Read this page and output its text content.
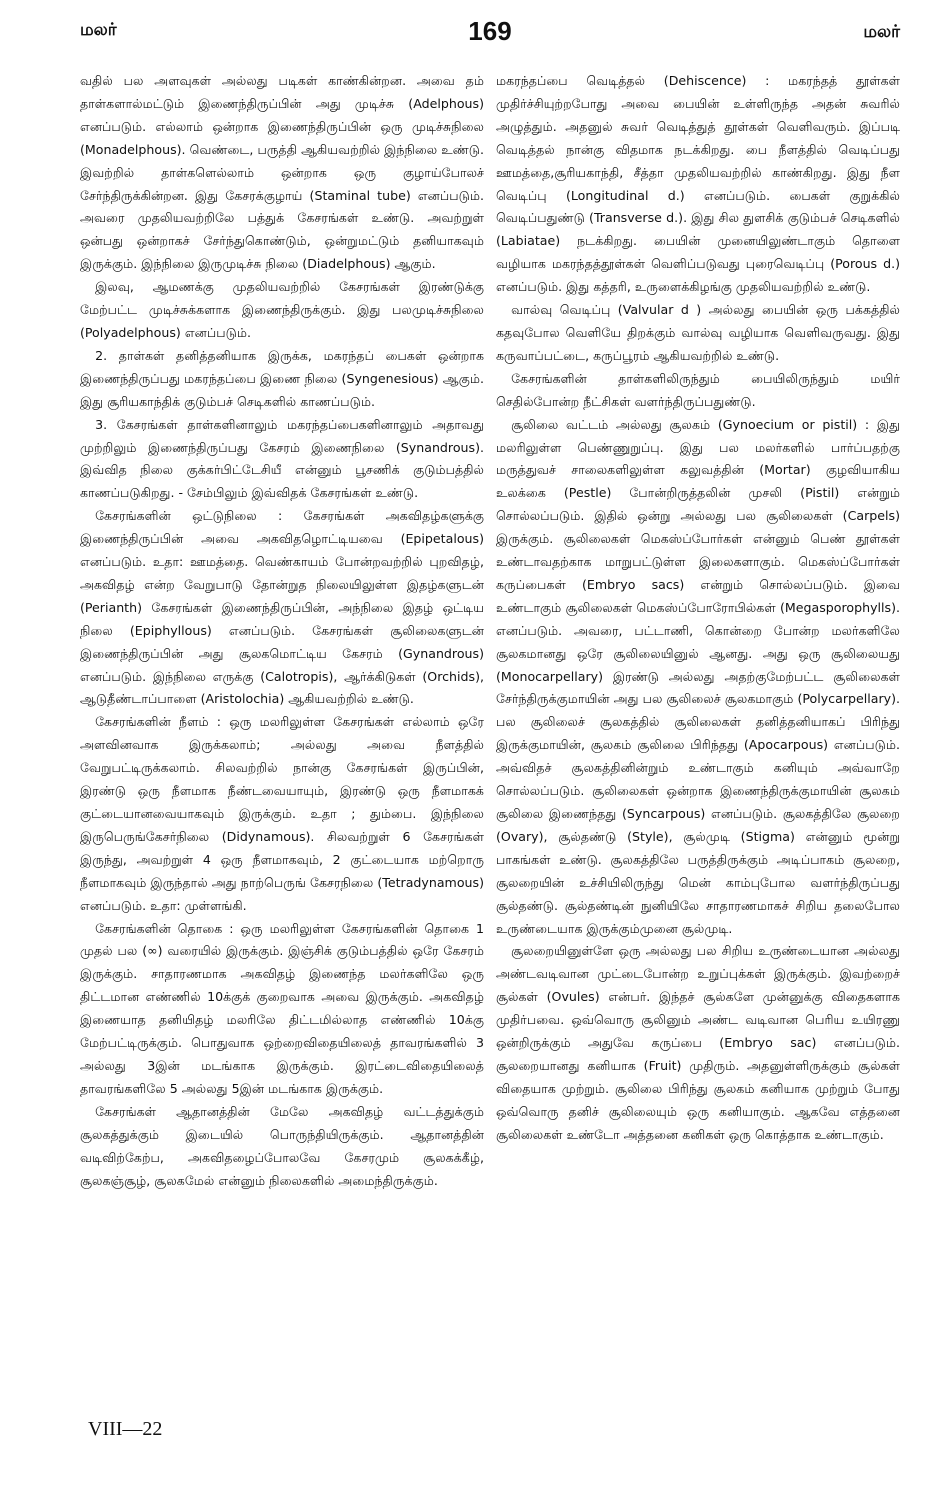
மலர்	169	மலர்

வதில் பல அளவுகள் அல்லது படிகள் காண்கின்றன. அவை தம் தாள்களால்மட்டும் இணைந்திருப்பின் அது முடிச்சு (Adelphous) எனப்படும். எல்லாம் ஒன்றாக இணைந்திருப்பின் ஒரு முடிச்சுநிலை (Monadelphous). வெண்டை, பருத்தி ஆகியவற்றில் இந்நிலை உண்டு. இவற்றில் தாள்களெல்லாம் ஒன்றாக ஒரு குழாய்போலச் சேர்ந்திருக்கின்றன. இது கேசரக்குழாய் (Staminal tube) எனப்படும். அவரை முதலியவற்றிலே பத்துக் கேசரங்கள் உண்டு. அவற்றுள் ஒன்பது ஒன்றாகச் சேர்ந்துகொண்டும், ஒன்றுமட்டும் தனியாகவும் இருக்கும். இந்நிலை இருமுடிச்சு நிலை (Diadelphous) ஆகும்.

இலவு, ஆமணக்கு முதலியவற்றில் கேசரங்கள் இரண்டுக்கு மேற்பட்ட முடிச்சுக்களாக இணைந்திருக்கும். இது பலமுடிச்சுநிலை (Polyadelphous) எனப்படும்.

2. தாள்கள் தனித்தனியாக இருக்க, மகரந்தப் பைகள் ஒன்றாக இணைந்திருப்பது மகரந்தப்பை இணை நிலை (Syngenesious) ஆகும். இது சூரியகாந்திக் குடும்பச் செடிகளில் காணப்படும்.

3. கேசரங்கள் தாள்களினாலும் மகரந்தப்பைகளினாலும் அதாவது முற்றிலும் இணைந்திருப்பது கேசரம் இணைநிலை (Synandrous). இவ்வித நிலை குக்கர்பிட்டேசியீ என்னும் பூசணிக் குடும்பத்தில் காணப்படுகிறது. - சேம்பிலும் இவ்விதக் கேசரங்கள் உண்டு.

கேசரங்களின் ஒட்டுநிலை : கேசரங்கள் அகவிதழ்களுக்கு இணைந்திருப்பின் அவை அகவிதழொட்டியவை (Epipetalous) எனப்படும். உதா: ஊமத்தை. வெண்காயம் போன்றவற்றில் புறவிதழ், அகவிதழ் என்ற வேறுபாடு தோன்றுத நிலையிலுள்ள இதழ்களுடன் (Perianth) கேசரங்கள் இணைந்திருப்பின், அந்நிலை இதழ் ஒட்டிய நிலை (Epiphyllous) எனப்படும். கேசரங்கள் சூலிலைகளுடன் இணைந்திருப்பின் அது சூலகமொட்டிய கேசரம் (Gynandrous) எனப்படும். இந்நிலை எருக்கு (Calotropis), ஆர்க்கிடுகள் (Orchids), ஆடுதீண்டாப்பாளை (Aristolochia) ஆகியவற்றில் உண்டு.

கேசரங்களின் நீளம் : ஒரு மலரிலுள்ள கேசரங்கள் எல்லாம் ஒரே அளவினவாக இருக்கலாம்; அல்லது அவை நீளத்தில் வேறுபட்டிருக்கலாம். சிலவற்றில் நான்கு கேசரங்கள் இருப்பின், இரண்டு ஒரு நீளமாக நீண்டவையாயும், இரண்டு ஒரு நீளமாகக் குட்டையானவையாகவும் இருக்கும். உதா ; தும்பை. இந்நிலை இருபெருங்கேசர்நிலை (Didynamous). சிலவற்றுள் 6 கேசரங்கள் இருந்து, அவற்றுள் 4 ஒரு நீளமாகவும், 2 குட்டையாக மற்றொரு நீளமாகவும் இருந்தால் அது நாற்பெருங் கேசரநிலை (Tetradynamous) எனப்படும். உதா: முள்ளங்கி.

கேசரங்களின் தொகை : ஒரு மலரிலுள்ள கேசரங்களின் தொகை 1 முதல் பல (∞) வரையில் இருக்கும். இஞ்சிக் குடும்பத்தில் ஒரே கேசரம் இருக்கும். சாதாரணமாக அகவிதழ் இணைந்த மலர்களிலே ஒரு திட்டமான எண்ணில் 10க்குக் குறைவாக அவை இருக்கும். அகவிதழ் இணையாத தனியிதழ் மலரிலே திட்டமில்லாத எண்ணில் 10க்கு மேற்பட்டிருக்கும். பொதுவாக ஒற்றைவிதையிலைத் தாவரங்களில் 3 அல்லது 3இன் மடங்காக இருக்கும். இரட்டைவிதையிலைத் தாவரங்களிலே 5 அல்லது 5இன் மடங்காக இருக்கும்.

கேசரங்கள் ஆதானத்தின் மேலே அகவிதழ் வட்டத்துக்கும் சூலகத்துக்கும் இடையில் பொருந்தியிருக்கும். ஆதானத்தின் வடிவிற்கேற்ப, அகவிதழைப்போலவே கேசரமும் சூலகக்கீழ், சூலகஞ்சூழ், சூலகமேல் என்னும் நிலைகளில் அமைந்திருக்கும்.

மகரந்தப்பை வெடித்தல் (Dehiscence) : மகரந்தத் தூள்கள் முதிர்ச்சியுற்றபோது அவை பையின் உள்ளிருந்த அதன் சுவரில் அழுத்தும். அதனுல் சுவர் வெடித்துத் தூள்கள் வெளிவரும். இப்படி வெடித்தல் நான்கு விதமாக நடக்கிறது. பை நீளத்தில் வெடிப்பது ஊமத்தை,சூரியகாந்தி, சீத்தா முதலியவற்றில் காண்கிறது. இது நீள வெடிப்பு (Longitudinal d.) எனப்படும். பைகள் குறுக்கில் வெடிப்பதுண்டு (Transverse d.). இது சில துளசிக் குடும்பச் செடிகளில் (Labiatae) நடக்கிறது. பையின் முனையிலுண்டாகும் தொளை வழியாக மகரந்தத்தூள்கள் வெளிப்படுவது புரைவெடிப்பு (Porous d.) எனப்படும். இது கத்தரி, உருளைக்கிழங்கு முதலியவற்றில் உண்டு.

வால்வு வெடிப்பு (Valvular d ) அல்லது பையின் ஒரு பக்கத்தில் கதவுபோல வெளியே திறக்கும் வால்வு வழியாக வெளிவருவது. இது கருவாப்பட்டை, கருப்பூரம் ஆகியவற்றில் உண்டு.

கேசரங்களின் தாள்களிலிருந்தும் பையிலிருந்தும் மயிர் செதில்போன்ற நீட்சிகள் வளர்ந்திருப்பதுண்டு.

சூலிலை வட்டம் அல்லது சூலகம் (Gynoecium or pistil) : இது மலரிலுள்ள பெண்ணுறுப்பு. இது பல மலர்களில் பார்ப்பதற்கு மருத்துவச் சாலைகளிலுள்ள கலுவத்தின் (Mortar) குழவியாகிய உலக்கை (Pestle) போன்றிருத்தலின் முசலி (Pistil) என்றும் சொல்லப்படும். இதில் ஒன்று அல்லது பல சூலிலைகள் (Carpels) இருக்கும். சூலிலைகள் மெகஸ்ப்போர்கள் என்னும் பெண் தூள்கள் உண்டாவதற்காக மாறுபட்டுள்ள இலைகளாகும். மெகஸ்ப்போர்கள் கருப்பைகள் (Embryo sacs) என்றும் சொல்லப்படும். இவை உண்டாகும் சூலிலைகள் மெகஸ்ப்போரோபில்கள் (Megasporophylls). எனப்படும். அவரை, பட்டாணி, கொன்றை போன்ற மலர்களிலே சூலகமானது ஒரே சூலிலையினுல் ஆனது. அது ஒரு சூலிலையது (Monocarpellary) இரண்டு அல்லது அதற்குமேற்பட்ட சூலிலைகள் சேர்ந்திருக்குமாயின் அது பல சூலிலைச் சூலகமாகும் (Polycarpellary). பல சூலிலைச் சூலகத்தில் சூலிலைகள் தனித்தனியாகப் பிரிந்து இருக்குமாயின், சூலகம் சூலிலை பிரிந்தது (Apocarpous) எனப்படும். அவ்விதச் சூலகத்தினின்றும் உண்டாகும் கனியும் அவ்வாறே சொல்லப்படும். சூலிலைகள் ஒன்றாக இணைந்திருக்குமாயின் சூலகம் சூலிலை இணைந்தது (Syncarpous) எனப்படும். சூலகத்திலே சூலறை (Ovary), சூல்தண்டு (Style), சூல்முடி (Stigma) என்னும் மூன்று பாகங்கள் உண்டு. சூலகத்திலே பருத்திருக்கும் அடிப்பாகம் சூலறை, சூலறையின் உச்சியிலிருந்து மென் காம்புபோல வளர்ந்திருப்பது சூல்தண்டு. சூல்தண்டின் நுனியிலே சாதாரணமாகச் சிறிய தலைபோல உருண்டையாக இருக்கும்முனை சூல்முடி.

சூலறையினுள்ளே ஒரு அல்லது பல சிறிய உருண்டையான அல்லது அண்டவடிவான முட்டைபோன்ற உறுப்புக்கள் இருக்கும். இவற்றைச் சூல்கள் (Ovules) என்பர். இந்தச் சூல்களே முன்னுக்கு விதைகளாக முதிர்பவை. ஒவ்வொரு சூலினும் அண்ட வடிவான பெரிய உயிரணு ஒன்றிருக்கும் அதுவே கருப்பை (Embryo sac) எனப்படும். சூலறையானது கனியாக (Fruit) முதிரும். அதனுள்ளிருக்கும் சூல்கள் விதையாக முற்றும். சூலிலை பிரிந்து சூலகம் கனியாக முற்றும் போது ஒவ்வொரு தனிச் சூலிலையும் ஒரு கனியாகும். ஆகவே எத்தனை சூலிலைகள் உண்டோ அத்தனை கனிகள் ஒரு கொத்தாக உண்டாகும்.

VIII—22
